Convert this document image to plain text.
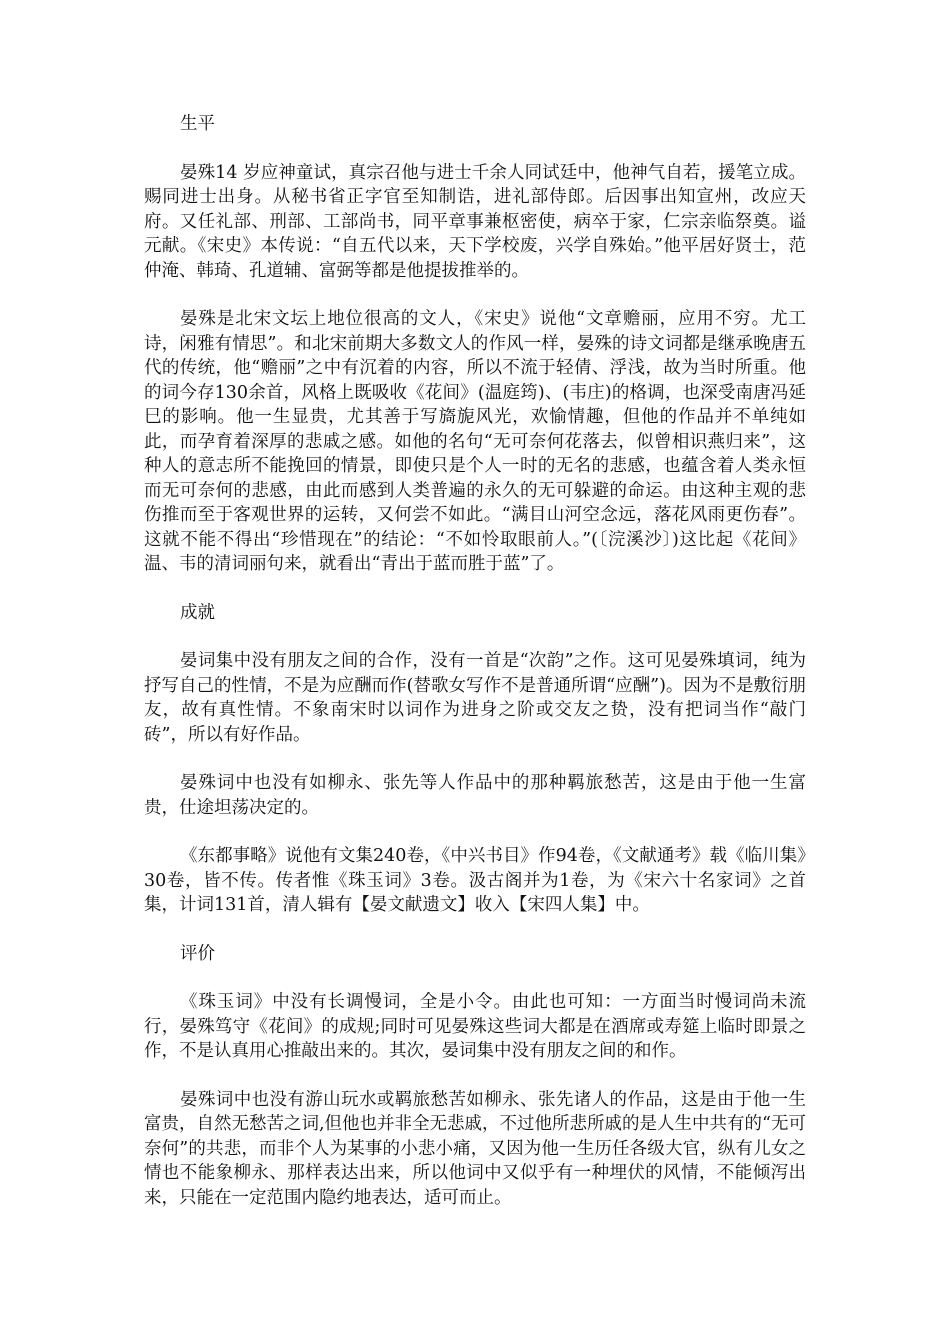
生平

晏殊14 岁应神童试，真宗召他与进士千余人同试廷中，他神气自若，援笔立成。赐同进士出身。从秘书省正字官至知制诰，进礼部侍郎。后因事出知宣州，改应天府。又任礼部、刑部、工部尚书，同平章事兼枢密使，病卒于家，仁宗亲临祭奠。谥元献。《宋史》本传说：“自五代以来，天下学校废，兴学自殊始。”他平居好贤士，范仲淹、韩琦、孔道辅、富弼等都是他提拔推举的。

晏殊是北宋文坛上地位很高的文人，《宋史》说他“文章赡丽，应用不穷。尤工诗，闲雅有情思”。和北宋前期大多数文人的作风一样，晏殊的诗文词都是继承晚唐五代的传统，他“赡丽”之中有沉着的内容，所以不流于轻倩、浮浅，故为当时所重。他的词今存130余首，风格上既吸收《花间》(温庭筠)、(韦庄)的格调，也深受南唐冯延巳的影响。他一生显贵，尤其善于写旖旎风光，欢愉情趣，但他的作品并不单纯如此，而孕育着深厚的悲戚之感。如他的名句“无可奈何花落去，似曾相识燕归来”，这种人的意志所不能挽回的情景，即使只是个人一时的无名的悲感，也蕴含着人类永恒而无可奈何的悲感，由此而感到人类普遍的永久的无可躲避的命运。由这种主观的悲伤推而至于客观世界的运转，又何尝不如此。“满目山河空念远，落花风雨更伤春”。这就不能不得出“珍惜现在”的结论：“不如怜取眼前人。”(〔浣溪沙〕)这比起《花间》温、韦的清词丽句来，就看出“青出于蓝而胜于蓝”了。

成就

晏词集中没有朋友之间的合作，没有一首是“次韵”之作。这可见晏殊填词，纯为抒写自己的性情，不是为应酬而作(替歌女写作不是普通所谓“应酬”)。因为不是敷衍朋友，故有真性情。不象南宋时以词作为进身之阶或交友之贽，没有把词当作“敲门砖”，所以有好作品。

晏殊词中也没有如柳永、张先等人作品中的那种羁旅愁苦，这是由于他一生富贵，仕途坦荡决定的。

《东都事略》说他有文集240卷，《中兴书目》作94卷，《文献通考》载《临川集》30卷，皆不传。传者惟《珠玉词》3卷。汲古阁并为1卷，为《宋六十名家词》之首集，计词131首，清人辑有【晏文献遗文】收入【宋四人集】中。

评价

《珠玉词》中没有长调慢词，全是小令。由此也可知：一方面当时慢词尚未流行，晏殊笃守《花间》的成规;同时可见晏殊这些词大都是在酒席或寿筵上临时即景之作，不是认真用心推敲出来的。其次，晏词集中没有朋友之间的和作。

晏殊词中也没有游山玩水或羁旅愁苦如柳永、张先诸人的作品，这是由于他一生富贵，自然无愁苦之词,但他也并非全无悲戚，不过他所悲所戚的是人生中共有的“无可奈何”的共悲，而非个人为某事的小悲小痛，又因为他一生历任各级大官，纵有儿女之情也不能象柳永、那样表达出来，所以他词中又似乎有一种埋伏的风情，不能倾泻出来，只能在一定范围内隐约地表达，适可而止。
